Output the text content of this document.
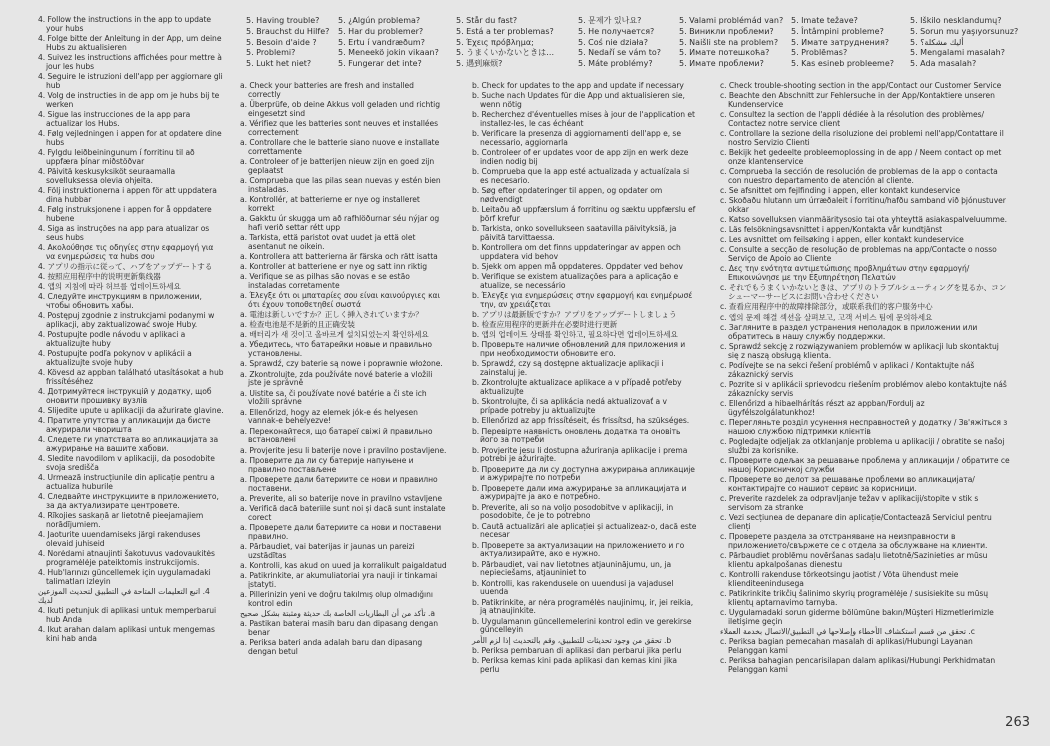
4. Follow the instructions in the app to update your hubs
4. Folge bitte der Anleitung in der App, um deine Hubs zu aktualisieren
4. Suivez les instructions affichées pour mettre à jour les hubs
4. Seguire le istruzioni dell'app per aggiornare gli hub
4. Volg de instructies in de app om je hubs bij te werken
4. Sigue las instrucciones de la app para actualizar los Hubs.
4. Følg vejledningen i appen for at opdatere dine hubs
4. Fylgdu leiðbeiningunum í forritinu til að uppfæra þínar miðstöðvar
4. Päivitä keskusyksiköt seuraamalla sovelluksessa olevia ohjeita.
4. Följ instruktionerna i appen för att uppdatera dina hubbar
4. Følg instruksjonene i appen for å oppdatere hubene
4. Siga as instruções na app para atualizar os seus hubs
4. Ακολούθησε τις οδηγίες στην εφαρμογή για να ενημερώσεις τα hubs σου
4. アプリの指示に従って、ハブをアップデートする
4. 按照应用程序中的说明更新集线器
4. 앱의 지침에 따라 허브를 업데이트하세요
4. Следуйте инструкциям в приложении, чтобы обновить хабы.
4. Postępuj zgodnie z instrukcjami podanymi w aplikacji, aby zaktualizować swoje Huby.
4. Postupujte podle návodu v aplikaci a aktualizujte huby
4. Postupujte podľa pokynov v aplikácii a aktualizujte svoje huby
4. Kövesd az appban található utasításokat a hub frissítéséhez
4. Дотримуйтеся інструкцій у додатку, щоб оновити прошивку вузлів
4. Slijedite upute u aplikaciji da ažurirate glavine.
4. Пратите упутства у апликацији да бисте ажурирали чворишта
4. Следете ги упатствата во апликацијата за ажурирање на вашите хабови.
4. Sledite navodilom v aplikaciji, da posodobite svoja središča
4. Urmează instrucțiunile din aplicație pentru a actualiza huburile
4. Следвайте инструкциите в приложението, за да актуализирате центровете.
4. Rīkojies saskaņā ar lietotnē pieejamajiem norādījumiem.
4. Jaoturite uuendamiseks järgi rakenduses olevaid juhiseid
4. Norėdami atnaujinti šakotuvus vadovaukitės programėlėje pateiktomis instrukcijomis.
4. Hub'larınızı güncellemek için uygulamadaki talimatları izleyin
4. اتبع التعليمات المتاحة في التطبيق لتحديث الموزعين لديك
4. Ikuti petunjuk di aplikasi untuk memperbarui hub Anda
4. Ikut arahan dalam aplikasi untuk mengemas kini hab anda
5. Having trouble?
5. Brauchst du Hilfe?
5. Besoin d'aide ?
5. Problemi?
5. Lukt het niet?
5. ¿Algún problema?
5. Har du problemer?
5. Ertu í vandræðum?
5. Meneekö jokin vikaan?
5. Fungerar det inte?
5. Står du fast?
5. Está a ter problemas?
5. Έχεις πρόβλημα;
5. うまくいかないときは…
5. 遇到麻烦?
5. 문제가 있나요?
5. Не получается?
5. Coś nie działa?
5. Nedaří se vám to?
5. Máte problémy?
5. Valami problémád van?
5. Виникли проблеми?
5. Naišli ste na problem?
5. Имате потешкоћа?
5. Имате проблеми?
5. Imate težave?
5. Întâmpini probleme?
5. Имате затруднения?
5. Problēmas?
5. Kas esineb probleeme?
5. Iškilo nesklandumų?
5. Sorun mu yaşıyorsunuz?
5. أليك مشكلة؟
5. Mengalami masalah?
5. Ada masalah?
a. Check your batteries are fresh and installed correctly
a. Überprüfe, ob deine Akkus voll geladen und richtig eingesetzt sind
a. Vérifiez que les batteries sont neuves et installées correctement
a. Controllare che le batterie siano nuove e installate correttamente
a. Controleer of je batterijen nieuw zijn en goed zijn geplaatst
a. Comprueba que las pilas sean nuevas y estén bien instaladas.
a. Kontrollér, at batterierne er nye og installeret korrekt
a. Gakktu úr skugga um að rafhlöðurnar séu nýjar og hafi verið settar rétt upp
a. Tarkista, että paristot ovat uudet ja että olet asentanut ne oikein.
a. Kontrollera att batterierna är färska och rätt isatta
a. Kontroller at batteriene er nye og satt inn riktig
a. Verifique se as pilhas são novas e se estão instaladas corretamente
a. Έλεγξε ότι οι μπαταρίες σου είναι καινούργιες και ότι έχουν τοποθετηθεί σωστά
a. 電池は新しいですか？正しく挿入されていますか？
a. 检查电池是不是新的且正确安装
a. 배터리가 새 것이고 올바르게 설치되었는지 확인하세요
a. Убедитесь, что батарейки новые и правильно установлены.
a. Sprawdź, czy baterie są nowe i poprawnie włożone.
a. Zkontrolujte, zda používáte nové baterie a vložili jste je správně
a. Uistite sa, či používate nové batérie a či ste ich vložili správne
a. Ellenőrizd, hogy az elemek jók-e és helyesen vannak-e behelyezve!
a. Переконайтеся, що батареї свіжі й правильно встановлені
a. Provjerite jesu li baterije nove i pravilno postavljene.
a. Проверите да ли су батерије напуњене и правилно постављене
a. Проверете дали батериите се нови и правилно поставени.
a. Preverite, ali so baterije nove in pravilno vstavljene
a. Verifică dacă bateriile sunt noi și dacă sunt instalate corect
a. Проверете дали батериите са нови и поставени правилно.
a. Pārbaudiet, vai baterijas ir jaunas un pareizi uzstādītas
a. Kontrolli, kas akud on uued ja korralikult paigaldatud
a. Patikrinkite, ar akumuliatoriai yra nauji ir tinkamai įstatyti.
a. Pillerinizin yeni ve doğru takılmış olup olmadığını kontrol edin
a. تأكد من أن البطاريات الخاصة بك حديثة ومثبتة بشكل صحيح
a. Pastikan baterai masih baru dan dipasang dengan benar
a. Periksa bateri anda adalah baru dan dipasang dengan betul
b. Check for updates to the app and update if necessary
b. Suche nach Updates für die App und aktualisieren sie, wenn nötig
b. Recherchez d'éventuelles mises à jour de l'application et installez-les, le cas échéant
b. Verificare la presenza di aggiornamenti dell'app e, se necessario, aggiornarla
b. Controleer of er updates voor de app zijn en werk deze indien nodig bij
b. Comprueba que la app esté actualizada y actualízala si es necesario.
b. Søg efter opdateringer til appen, og opdater om nødvendigt
b. Leitaðu að uppfærslum á forritinu og sæktu uppfærslu ef þörf krefur
b. Tarkista, onko sovellukseen saatavilla päivityksiä, ja päivitä tarvittaessa.
b. Kontrollera om det finns uppdateringar av appen och uppdatera vid behov
b. Sjekk om appen må oppdateres. Oppdater ved behov
b. Verifique se existem atualizações para a aplicação e atualize, se necessário
b. Έλεγξε για ενημερώσεις στην εφαρμογή και ενημέρωσέ την, αν χρειάζεται
b. アプリは最新版ですか？アプリをアップデートしましょう
b. 检查应用程序的更新并在必要时进行更新
b. 앱의 업데이트 상태를 확인하고, 필요하다면 업데이트하세요
b. Проверьте наличие обновлений для приложения и при необходимости обновите его.
b. Sprawdź, czy są dostępne aktualizacje aplikacji i zainstaluj je.
b. Zkontrolujte aktualizace aplikace a v případě potřeby aktualizujte
b. Skontrolujte, či sa aplikácia nedá aktualizovať a v prípade potreby ju aktualizujte
b. Ellenőrizd az app frissítéseit, és frissítsd, ha szükséges.
b. Перевірте наявність оновлень додатка та оновіть його за потреби
b. Provjerite jesu li dostupna ažuriranja aplikacije i prema potrebi je ažurirajte.
b. Проверите да ли су доступна ажурирања апликације и ажурирајте по потреби
b. Проверете дали има ажурирање за апликацијата и ажурирајте ја ако е потребно.
b. Preverite, ali so na voljo posodobitve v aplikaciji, in posodobite, če je to potrebno
b. Caută actualizări ale aplicației și actualizeaz-o, dacă este necesar
b. Проверете за актуализации на приложението и го актуализирайте, ако е нужно.
b. Pārbaudiet, vai nav lietotnes atjauninājumu, un, ja nepieciešams, atjauniniet to
b. Kontrolli, kas rakendusele on uuendusi ja vajadusel uuenda
b. Patikrinkite, ar nėra programėlės naujinimų, ir, jei reikia, ją atnaujinkite.
b. Uygulamanın güncellemelerini kontrol edin ve gerekirse güncelleyin
b. تحقق من وجود تحديثات للتطبيق، وقم بالتحديث إذا لزم الأمر
b. Periksa pembaruan di aplikasi dan perbarui jika perlu
b. Periksa kemas kini pada aplikasi dan kemas kini jika perlu
c. Check trouble-shooting section in the app/Contact our Customer Service
c. Beachte den Abschnitt zur Fehlersuche in der App/Kontaktiere unseren Kundenservice
c. Consultez la section de l'appli dédiée à la résolution des problèmes/ Contactez notre service client
c. Controllare la sezione della risoluzione dei problemi nell'app/Contattare il nostro Servizio Clienti
c. Bekijk het gedeelte probleemoplossing in de app / Neem contact op met onze klantenservice
c. Comprueba la sección de resolución de problemas de la app o contacta con nuestro departamento de atención al cliente.
c. Se afsnittet om fejlfinding i appen, eller kontakt kundeservice
c. Skoðaðu hlutann um úrræðaleit í forritinu/hafðu samband við þjónustuver okkar
c. Katso sovelluksen vianmääritysosio tai ota yhteyttä asiakaspalveluumme.
c. Läs felsökningsavsnittet i appen/Kontakta vår kundtjänst
c. Les avsnittet om feilsøking i appen, eller kontakt kundeservice
c. Consulte a secção de resolução de problemas na app/Contacte o nosso Serviço de Apoio ao Cliente
c. Δες την ενότητα αντιμετώπισης προβλημάτων στην εφαρμογή/ Επικοινώνησε με την Εξυπηρέτηση Πελατών
c. それでもうまくいかないときは、アプリのトラブルシューティングを見るか、コンシューマーサービスにお問い合わせください
c. 查看应用程序中的故障排除部分，或联系我们的客户服务中心
c. 앱의 문제 해결 섹션을 살펴보고, 고객 서비스 팀에 문의하세요
c. Загляните в раздел устранения неполадок в приложении или обратитесь в нашу службу поддержки.
c. Sprawdź sekcję z rozwiązywaniem problemów w aplikacji lub skontaktuj się z naszą obsługą klienta.
c. Podívejte se na sekci řešení problémů v aplikaci / Kontaktujte náš zákaznický servis
c. Pozrite si v aplikácii sprievodcu riešením problémov alebo kontaktujte náš zákaznícky servis
c. Ellenőrizd a hibaelhárítás részt az appban/Fordulj az ügyfélszolgálatunkhoz!
c. Перегляньте розділ усунення несправностей у додатку / Зв'яжіться з нашою службою підтримки клієнтів
c. Pogledajte odjeljak za otklanjanje problema u aplikaciji / obratite se našoj službi za korisnike.
c. Проверите одељак за решавање проблема у апликацији / обратите се нашој Корисничкој служби
c. Проверете во делот за решавање проблеми во апликацијата/ контактирајте со нашиот сервис за корисници.
c. Preverite razdelek za odpravljanje težav v aplikaciji/stopite v stik s servisom za stranke
c. Vezi secțiunea de depanare din aplicație/Contactează Serviciul pentru clienți
c. Проверете раздела за отстраняване на неизправности в приложението/свържете се с отдела за обслужване на клиенти.
c. Pārbaudiet problēmu novēršanas sadaļu lietotnē/Sazinieties ar mūsu klientu apkalpošanas dienestu
c. Kontrolli rakenduse tõrkeotsingu jaotist / Võta ühendust meie klienditeenindusega
c. Patikrinkite trikčių šalinimo skyrių programėlėje / susisiekite su mūsų klientų aptarnavimo tarnyba.
c. Uygulamadaki sorun giderme bölümüne bakın/Müşteri Hizmetlerimizle iletişime geçin
c. تحقق من قسم استكشاف الأخطاء وإصلاحها في التطبيق/الاتصال بخدمة العملاء
c. Periksa bagian pemecahan masalah di aplikasi/Hubungi Layanan Pelanggan kami
c. Periksa bahagian pencarisilapan dalam aplikasi/Hubungi Perkhidmatan Pelanggan kami
263
